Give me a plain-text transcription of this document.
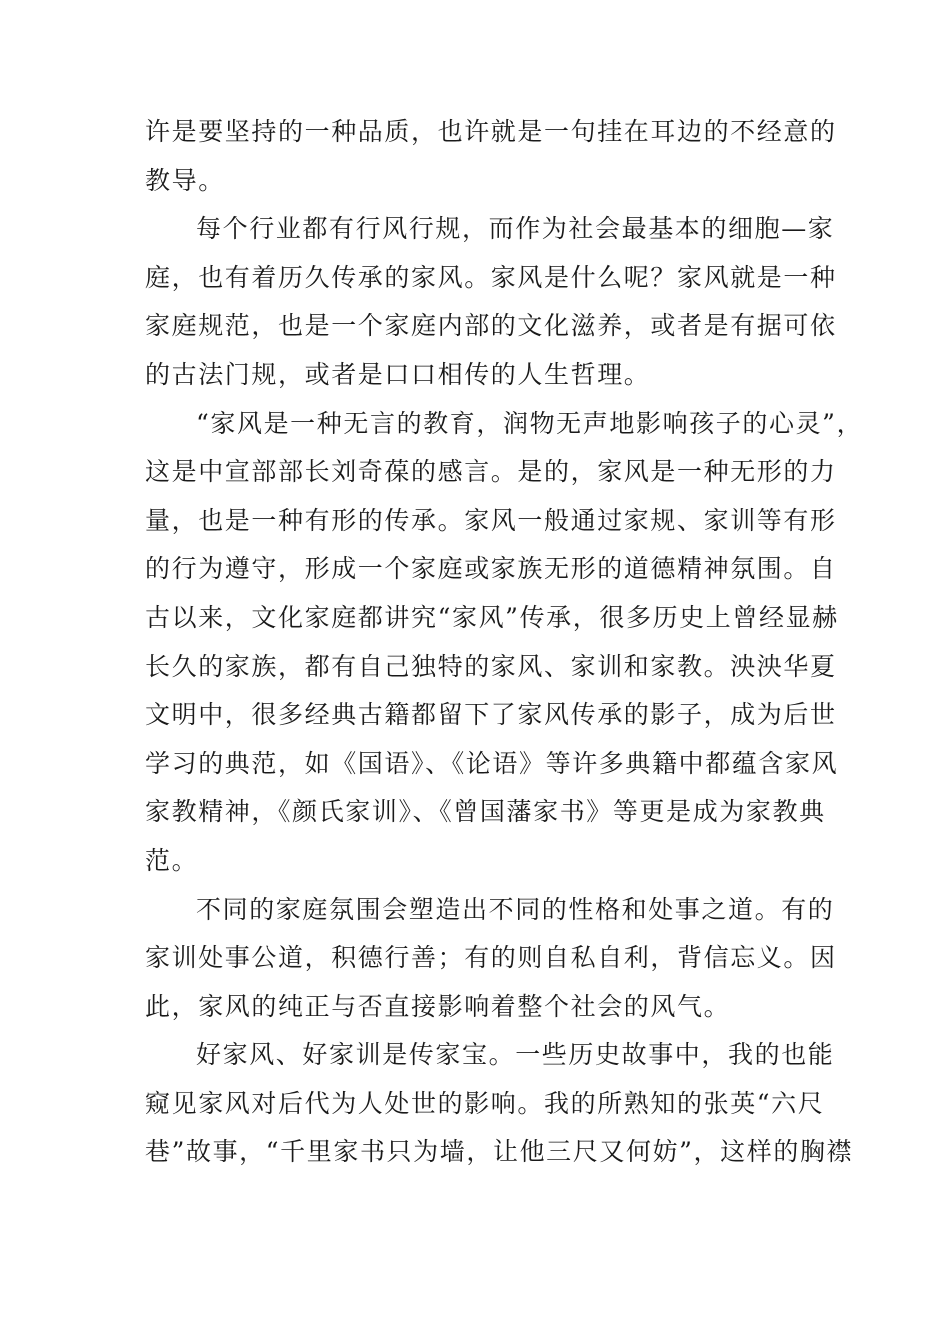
许是要坚持的一种品质，也许就是一句挂在耳边的不经意的
教导。
每个行业都有行风行规，而作为社会最基本的细胞—家
庭，也有着历久传承的家风。家风是什么呢？家风就是一种
家庭规范，也是一个家庭内部的文化滋养，或者是有据可依
的古法门规，或者是口口相传的人生哲理。
“家风是一种无言的教育，润物无声地影响孩子的心灵”，
这是中宣部部长刘奇葆的感言。是的，家风是一种无形的力
量，也是一种有形的传承。家风一般通过家规、家训等有形
的行为遵守，形成一个家庭或家族无形的道德精神氛围。自
古以来，文化家庭都讲究“家风”传承，很多历史上曾经显赫
长久的家族，都有自己独特的家风、家训和家教。泱泱华夏
文明中，很多经典古籍都留下了家风传承的影子，成为后世
学习的典范，如《国语》、《论语》等许多典籍中都蕴含家风
家教精神，《颜氏家训》、《曾国藩家书》等更是成为家教典
范。
不同的家庭氛围会塑造出不同的性格和处事之道。有的
家训处事公道，积德行善；有的则自私自利，背信忘义。因
此，家风的纯正与否直接影响着整个社会的风气。
好家风、好家训是传家宝。一些历史故事中，我的也能
窥见家风对后代为人处世的影响。我的所熟知的张英“六尺
巷”故事，“千里家书只为墙，让他三尺又何妨”，这样的胸襟
